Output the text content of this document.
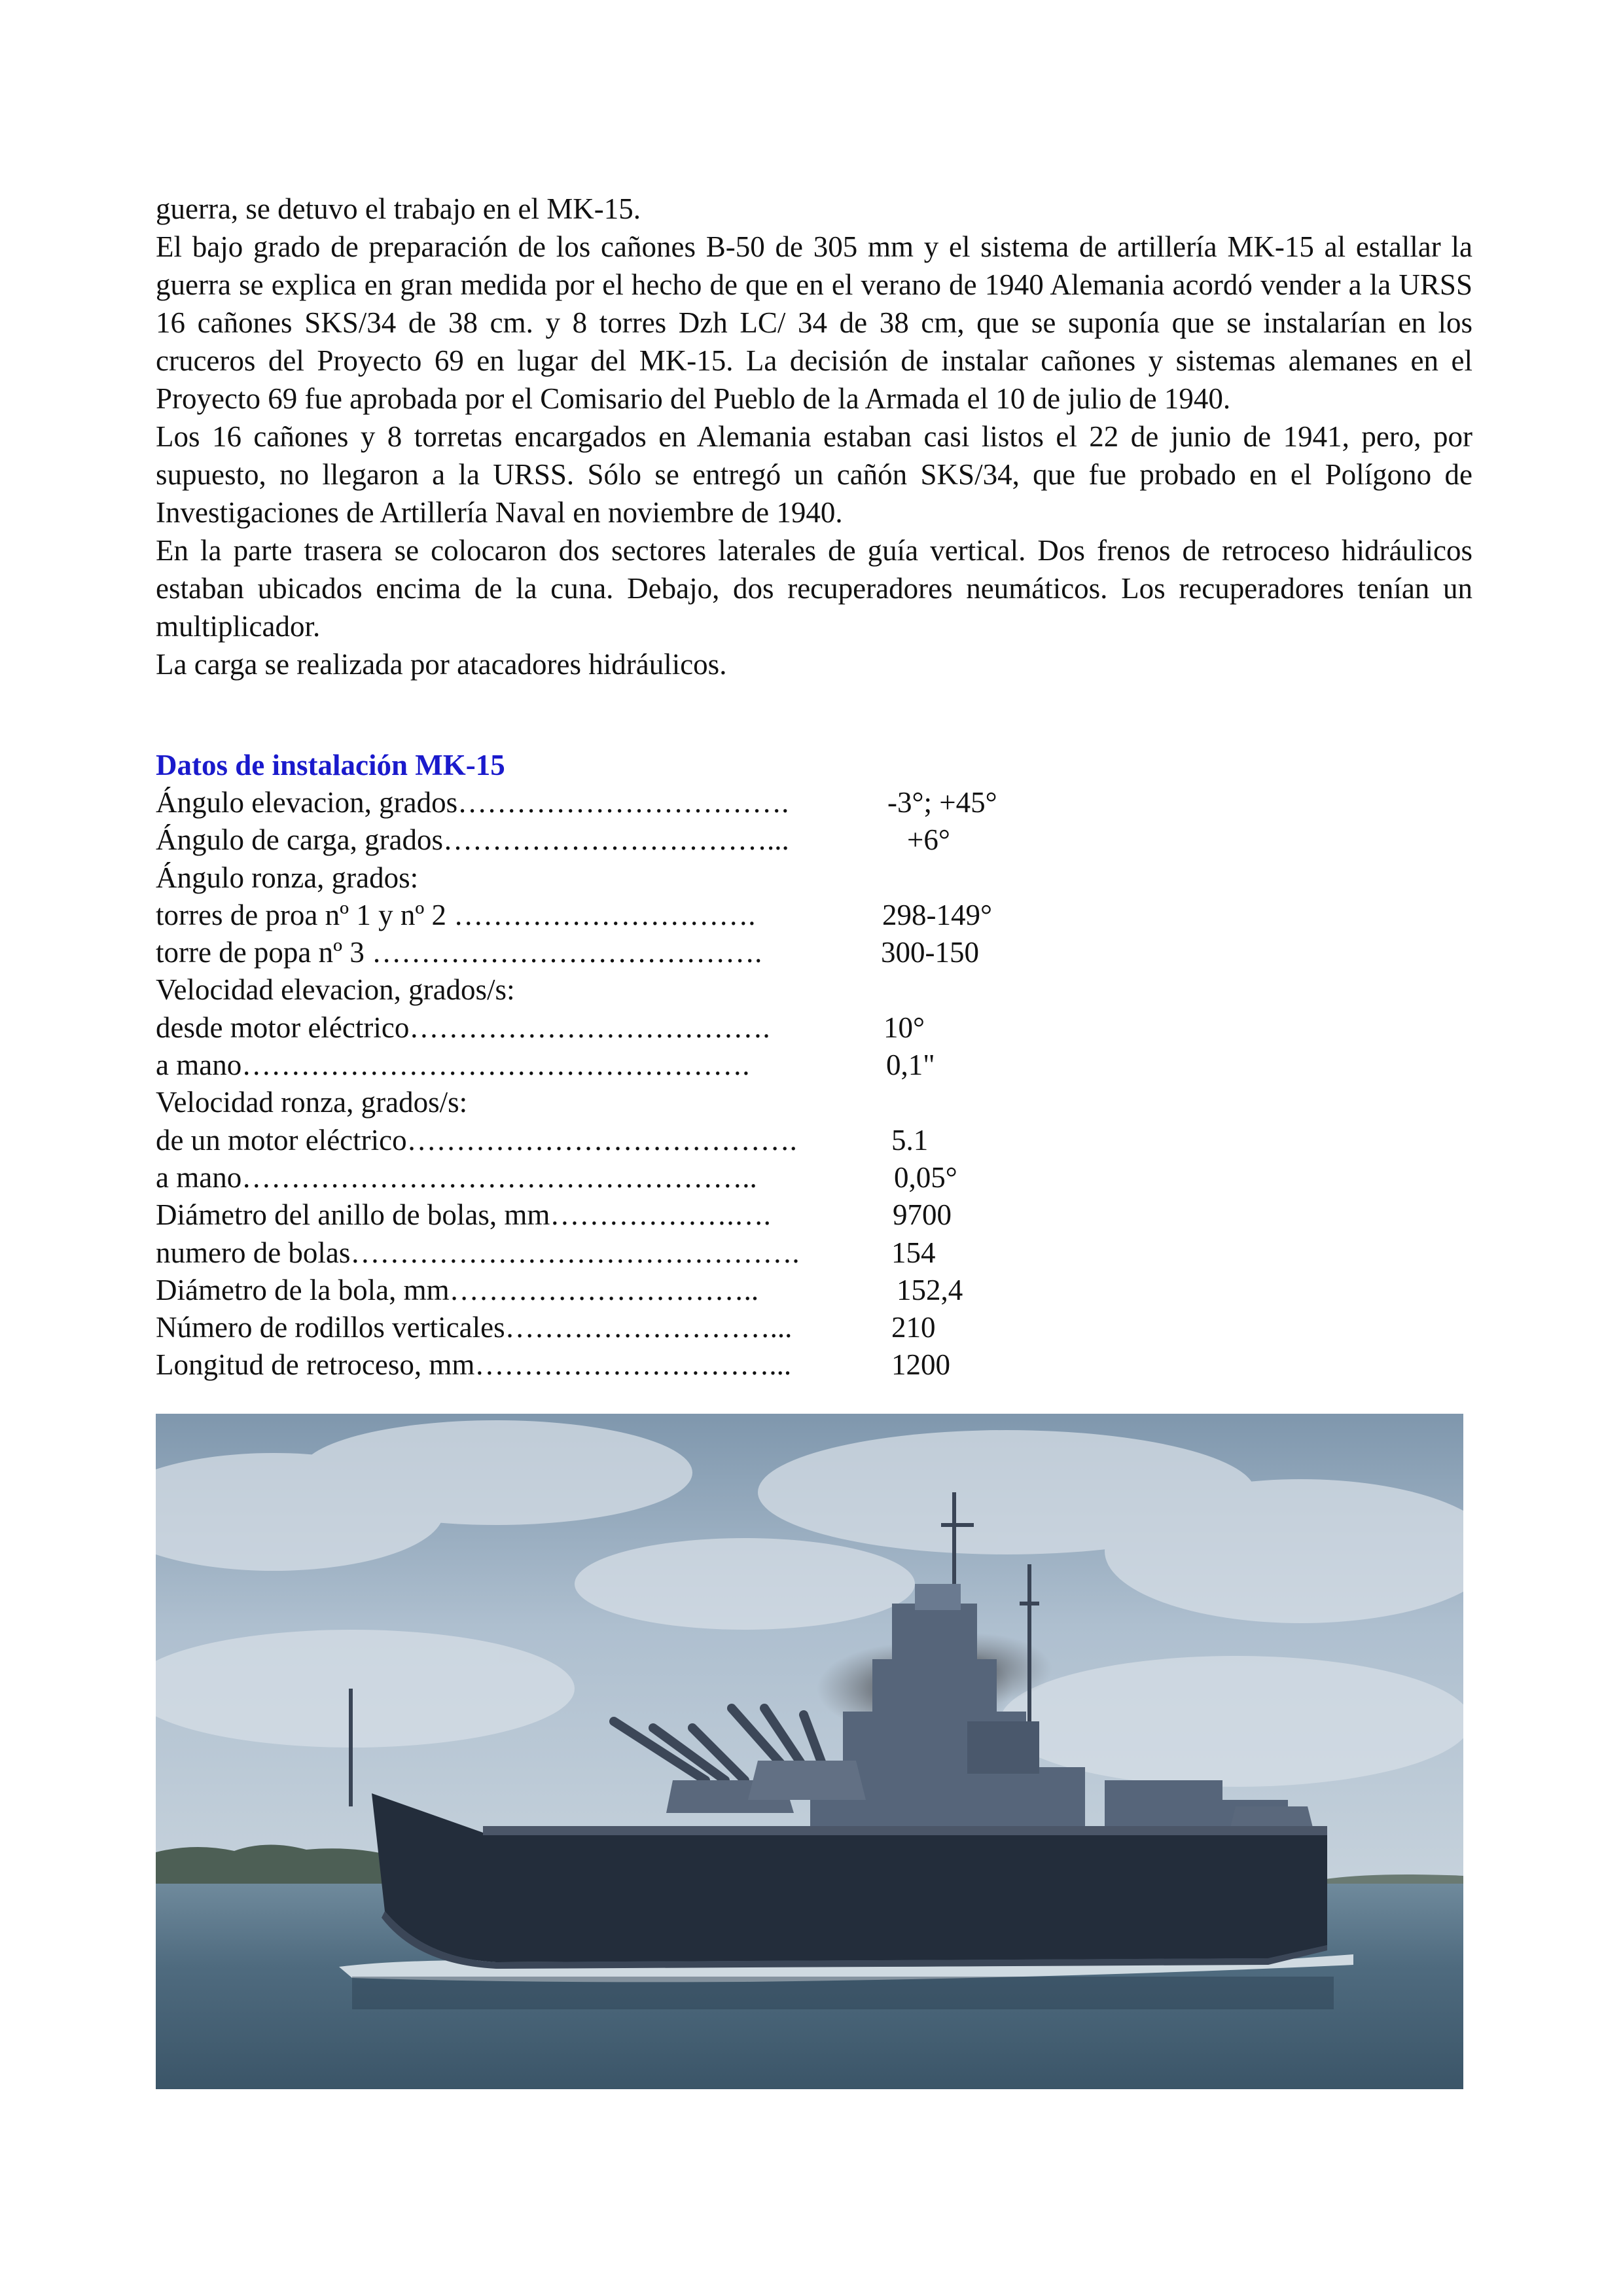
guerra, se detuvo el trabajo en el MK-15.

El bajo grado de preparación de los cañones B-50 de 305 mm y el sistema de artillería MK-15 al estallar la guerra se explica en gran medida por el hecho de que en el verano de 1940 Alemania acordó vender a la URSS 16 cañones SKS/34 de 38 cm. y 8 torres Dzh LC/ 34 de 38 cm, que se suponía que se instalarían en los cruceros del Proyecto 69 en lugar del MK-15. La decisión de instalar cañones y sistemas alemanes en el Proyecto 69 fue aprobada por el Comisario del Pueblo de la Armada el 10 de julio de 1940.

Los 16 cañones y 8 torretas encargados en Alemania estaban casi listos el 22 de junio de 1941, pero, por supuesto, no llegaron a la URSS. Sólo se entregó un cañón SKS/34, que fue probado en el Polígono de Investigaciones de Artillería Naval en noviembre de 1940.

En la parte trasera se colocaron dos sectores laterales de guía vertical. Dos frenos de retroceso hidráulicos estaban ubicados encima de la cuna. Debajo, dos recuperadores neumáticos. Los recuperadores tenían un multiplicador.

La carga se realizada por atacadores hidráulicos.

Datos de instalación MK-15
Ángulo elevacion, grados…………………………….	-3°; +45°
Ángulo de carga, grados……………………………...	+6°
Ángulo ronza, grados:
torres de proa nº 1 y nº 2 ………………………….	298-149°
torre de popa nº 3 ………………………………….	300-150
Velocidad elevacion, grados/s:
desde motor eléctrico……………………………….	10°
a mano…………………………………………….	0,1"
Velocidad ronza, grados/s:
de un motor eléctrico………………………………….	5.1
a mano……………………………………………..	0,05°
Diámetro del anillo de bolas, mm……………….….	9700
numero de bolas……………………………………….	154
Diámetro de la bola, mm…………………………..	152,4
Número de rodillos verticales………………………...	210
Longitud de retroceso, mm…………………………...	1200
